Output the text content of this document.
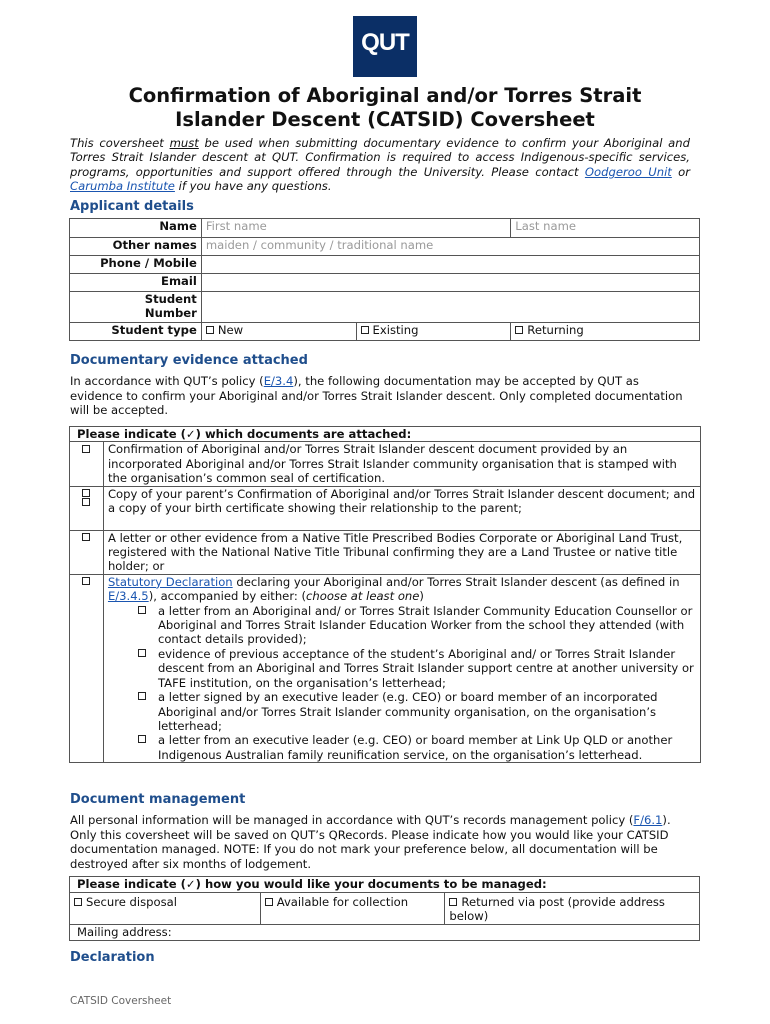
QUT
Confirmation of Aboriginal and/or Torres Strait
Islander Descent (CATSID) Coversheet

This coversheet must be used when submitting documentary evidence to confirm your Aboriginal and Torres Strait Islander descent at QUT. Confirmation is required to access Indigenous-specific services, programs, opportunities and support offered through the University. Please contact Oodgeroo Unit or Carumba Institute if you have any questions.

Applicant details

Name	First name		Last name
Other names	maiden / community / traditional name		
Phone / Mobile			
Email			
Student
Number			
Student type	New	Existing	Returning

Documentary evidence attached

In accordance with QUT’s policy (E/3.4), the following documentation may be accepted by QUT as evidence to confirm your Aboriginal and/or Torres Strait Islander descent. Only completed documentation will be accepted.

Please indicate (✓) which documents are attached:	
	Confirmation of Aboriginal and/or Torres Strait Islander descent document provided by an incorporated Aboriginal and/or Torres Strait Islander community organisation that is stamped with the organisation’s common seal of certification.

	Copy of your parent’s Confirmation of Aboriginal and/or Torres Strait Islander descent document; and
a copy of your birth certificate showing their relationship to the parent;
	A letter or other evidence from a Native Title Prescribed Bodies Corporate or Aboriginal Land Trust, registered with the National Native Title Tribunal confirming they are a Land Trustee or native title holder; or

	Statutory Declaration declaring your Aboriginal and/or Torres Strait Islander descent (as defined in E/3.4.5), accompanied by either: (choose at least one)
a letter from an Aboriginal and/ or Torres Strait Islander Community Education Counsellor or Aboriginal and Torres Strait Islander Education Worker from the school they attended (with contact details provided);
evidence of previous acceptance of the student’s Aboriginal and/ or Torres Strait Islander descent from an Aboriginal and Torres Strait Islander support centre at another university or TAFE institution, on the organisation’s letterhead;
a letter signed by an executive leader (e.g. CEO) or board member of an incorporated Aboriginal and/or Torres Strait Islander community organisation, on the organisation’s letterhead;
a letter from an executive leader (e.g. CEO) or board member at Link Up QLD or another Indigenous Australian family reunification service, on the organisation’s letterhead.

Document management

All personal information will be managed in accordance with QUT’s records management policy (F/6.1). Only this coversheet will be saved on QUT’s QRecords. Please indicate how you would like your CATSID documentation managed. NOTE: If you do not mark your preference below, all documentation will be destroyed after six months of lodgement.

Please indicate (✓) how you would like your documents to be managed:
Secure disposal	Available for collection	Returned via post (provide address below)
Mailing address:

Declaration

CATSID Coversheet
